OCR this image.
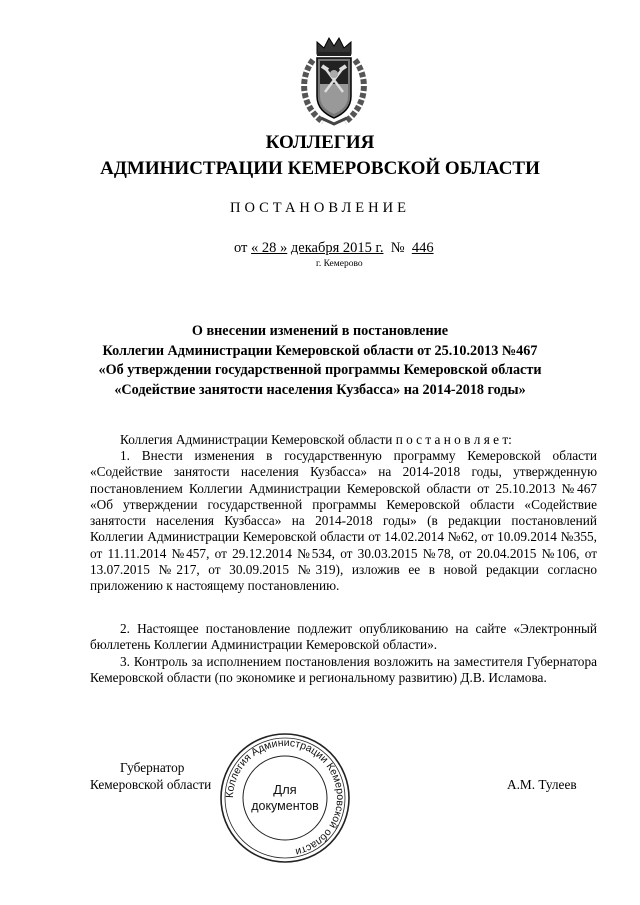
КОЛЛЕГИЯ
АДМИНИСТРАЦИИ КЕМЕРОВСКОЙ ОБЛАСТИ
ПОСТАНОВЛЕНИЕ
от « 28 » декабря 2015 г. № 446
г. Кемерово
О внесении изменений в постановление
Коллегии Администрации Кемеровской области от 25.10.2013 №467
«Об утверждении государственной программы Кемеровской области
«Содействие занятости населения Кузбасса» на 2014-2018 годы»
Коллегия Администрации Кемеровской области п о с т а н о в л я е т:
1. Внести изменения в государственную программу Кемеровской области «Содействие занятости населения Кузбасса» на 2014-2018 годы, утвержденную постановлением Коллегии Администрации Кемеровской области от 25.10.2013 №467 «Об утверждении государственной программы Кемеровской области «Содействие занятости населения Кузбасса» на 2014-2018 годы» (в редакции постановлений Коллегии Администрации Кемеровской области от 14.02.2014 №62, от 10.09.2014 №355, от 11.11.2014 №457, от 29.12.2014 №534, от 30.03.2015 №78, от 20.04.2015 №106, от 13.07.2015 №217, от 30.09.2015 №319), изложив ее в новой редакции согласно приложению к настоящему постановлению.
2. Настоящее постановление подлежит опубликованию на сайте «Электронный бюллетень Коллегии Администрации Кемеровской области».
3. Контроль за исполнением постановления возложить на заместителя Губернатора Кемеровской области (по экономике и региональному развитию) Д.В. Исламова.
Губернатор
Кемеровской области	А.М. Тулеев
Коллегия Администрации Кемеровской области
Для
документов
